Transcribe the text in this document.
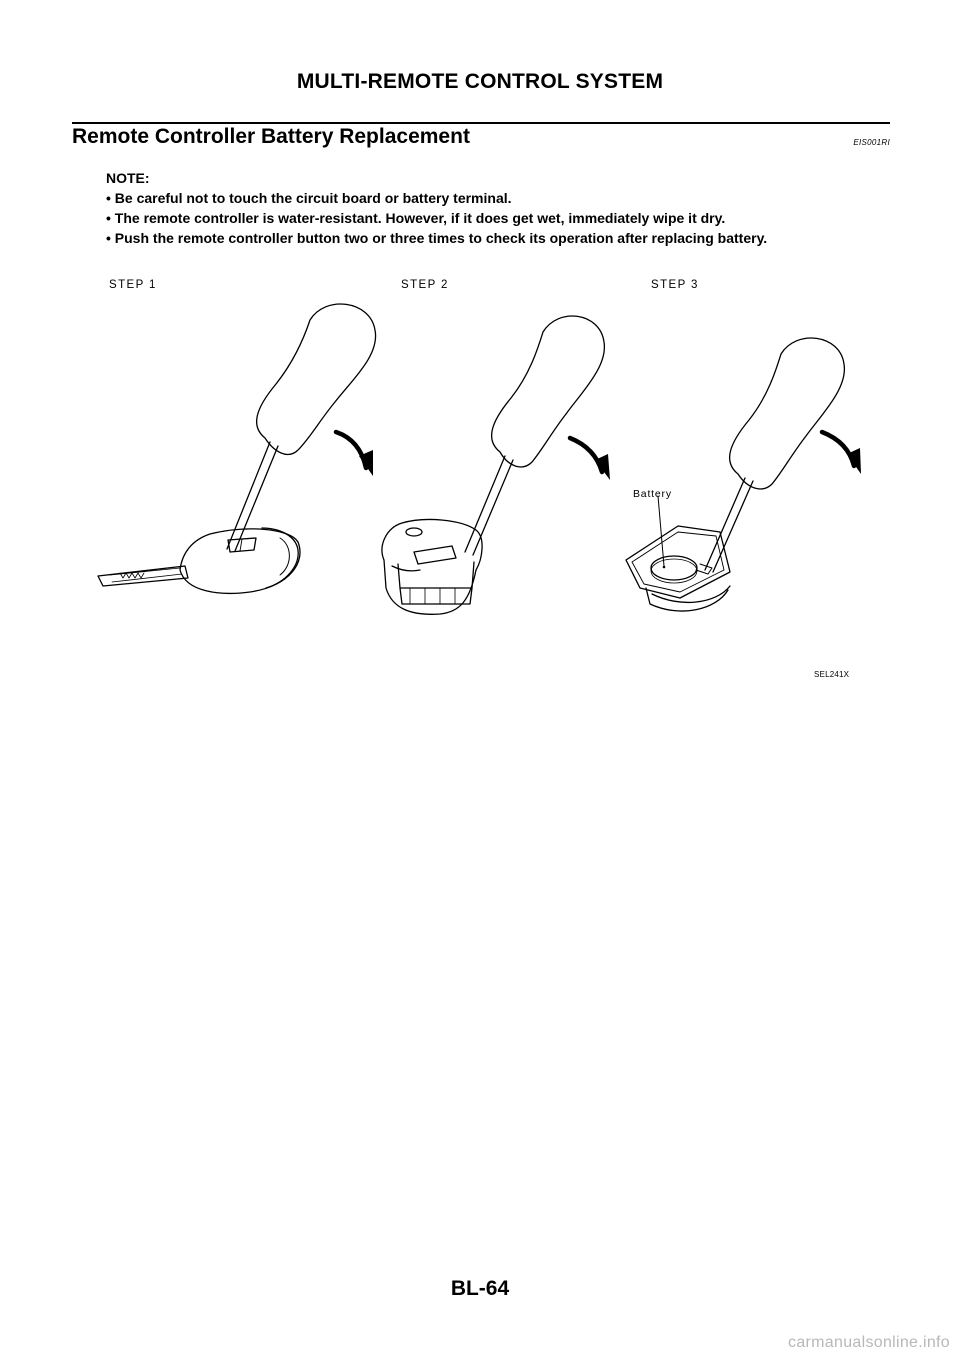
MULTI-REMOTE CONTROL SYSTEM
Remote Controller Battery Replacement	EIS001RI
NOTE:
• Be careful not to touch the circuit board or battery terminal.
• The remote controller is water-resistant. However, if it does get wet, immediately wipe it dry.
• Push the remote controller button two or three times to check its operation after replacing battery.
STEP 1	STEP 2	STEP 3
Battery
SEL241X
BL-64
carmanualsonline.info
